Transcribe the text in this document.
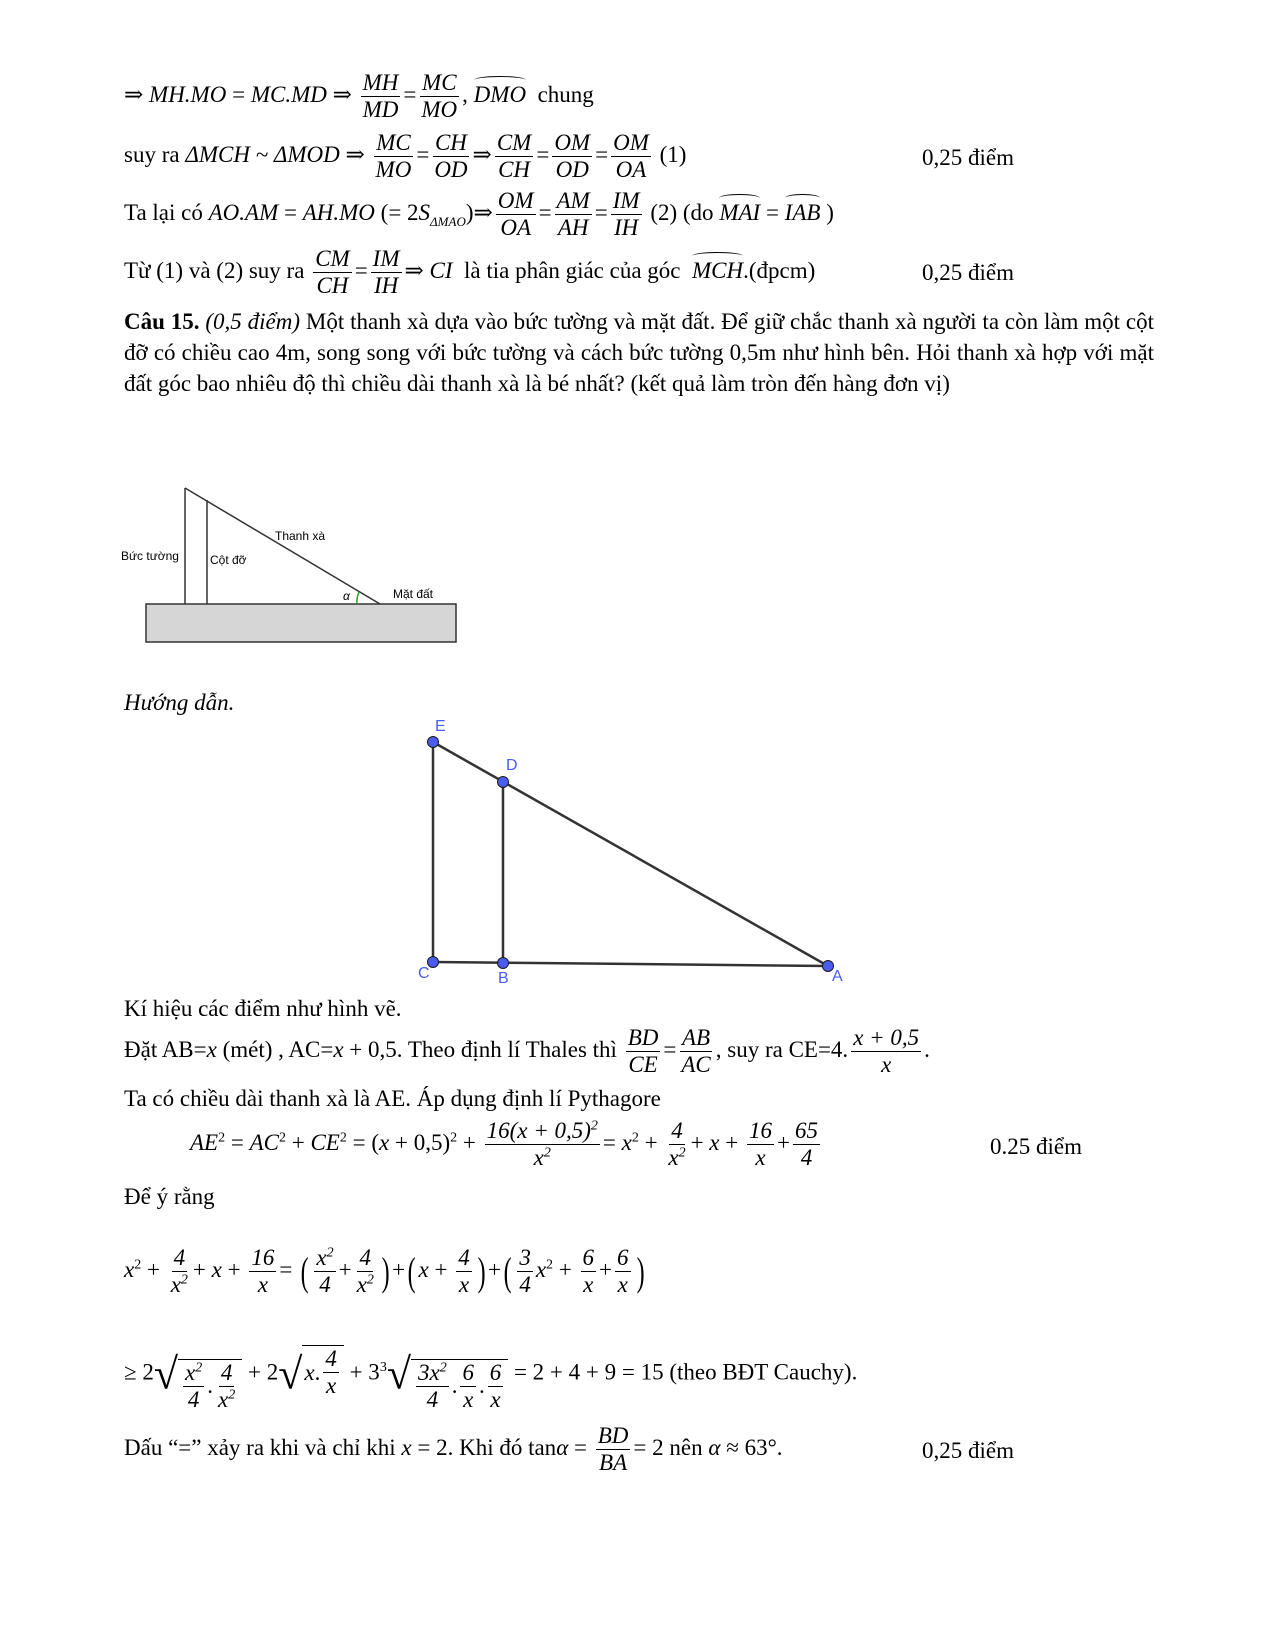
⇒ MH.MO = MC.MD ⇒ $\frac{MH}{MD} = \frac{MC}{MO}$ , DMO chung
suy ra ΔMCH ~ ΔMOD ⇒ $\frac{MC}{MO} = \frac{CH}{OD}$ ⇒ $\frac{CM}{CH} = \frac{OM}{OD} = \frac{OM}{OA} (1)$	0,25 điểm
Ta lại có AO.AM = AH.MO (= $2S_{\Delta MAO})\Rightarrow \frac{OM}{OA} = \frac{AM}{AH} = \frac{IM}{IH} (2)$ (do MAI = IAB )
Từ (1) và (2) suy ra $\frac{CM}{CH} = \frac{IM}{IH}$ ⇒ CI là tia phân giác của góc MCH.(đpcm)	0,25 điểm
Câu 15. (0,5 điểm) Một thanh xà dựa vào bức tường và mặt đất. Để giữ chắc thanh xà người ta còn làm một cột đỡ có chiều cao 4m, song song với bức tường và cách bức tường 0,5m như hình bên. Hỏi thanh xà hợp với mặt đất góc bao nhiêu độ thì chiều dài thanh xà là bé nhất? (kết quả làm tròn đến hàng đơn vị)
Bức tường	Cột đỡ
Thanh xà
Mặt đất
α
Hướng dẫn.
E
D
C	B	A
Kí hiệu các điểm như hình vẽ.
Đặt AB=x (mét) , AC=x + 0,5. Theo định lí Thales thì $\frac{BD}{CE} = \frac{AB}{AC}$ , suy ra CE=4. $\frac{x + 0,5}{x}$ .
Ta có chiều dài thanh xà là AE. Áp dụng định lí Pythagore
$AE^2 = AC^2 + CE^2 = (x + 0,5)^2 + \frac{16(x + 0,5)^2}{x^2} = x^2 + \frac{4}{x^2} + x + \frac{16}{x} + \frac{65}{4}$	0.25 điểm
Để ý rằng
$x^2 + \frac{4}{x^2} + x + \frac{16}{x}$ = ( $\frac{x^2}{4} + \frac{4}{x^2}$ ) +( $x + \frac{4}{x}$ ) +( $\frac{3}{4} x^2 + \frac{6}{x} + \frac{6}{x}$ )
≥ $2√ \frac{x^2}{4}$ . $\frac{4}{x^2} + 2√$ x . $\frac{4}{x} + 3^3√ \frac{3x^2}{4}$ . $\frac{6}{x}$ . $\frac{6}{x} = 2 + 4 + 9 = 15$ (theo BĐT Cauchy).
Dấu “=” xảy ra khi và chỉ khi x = 2. Khi đó $\tan\alpha = \frac{BD}{BA} = 2$ nên α ≈ 63°.	0,25 điểm
